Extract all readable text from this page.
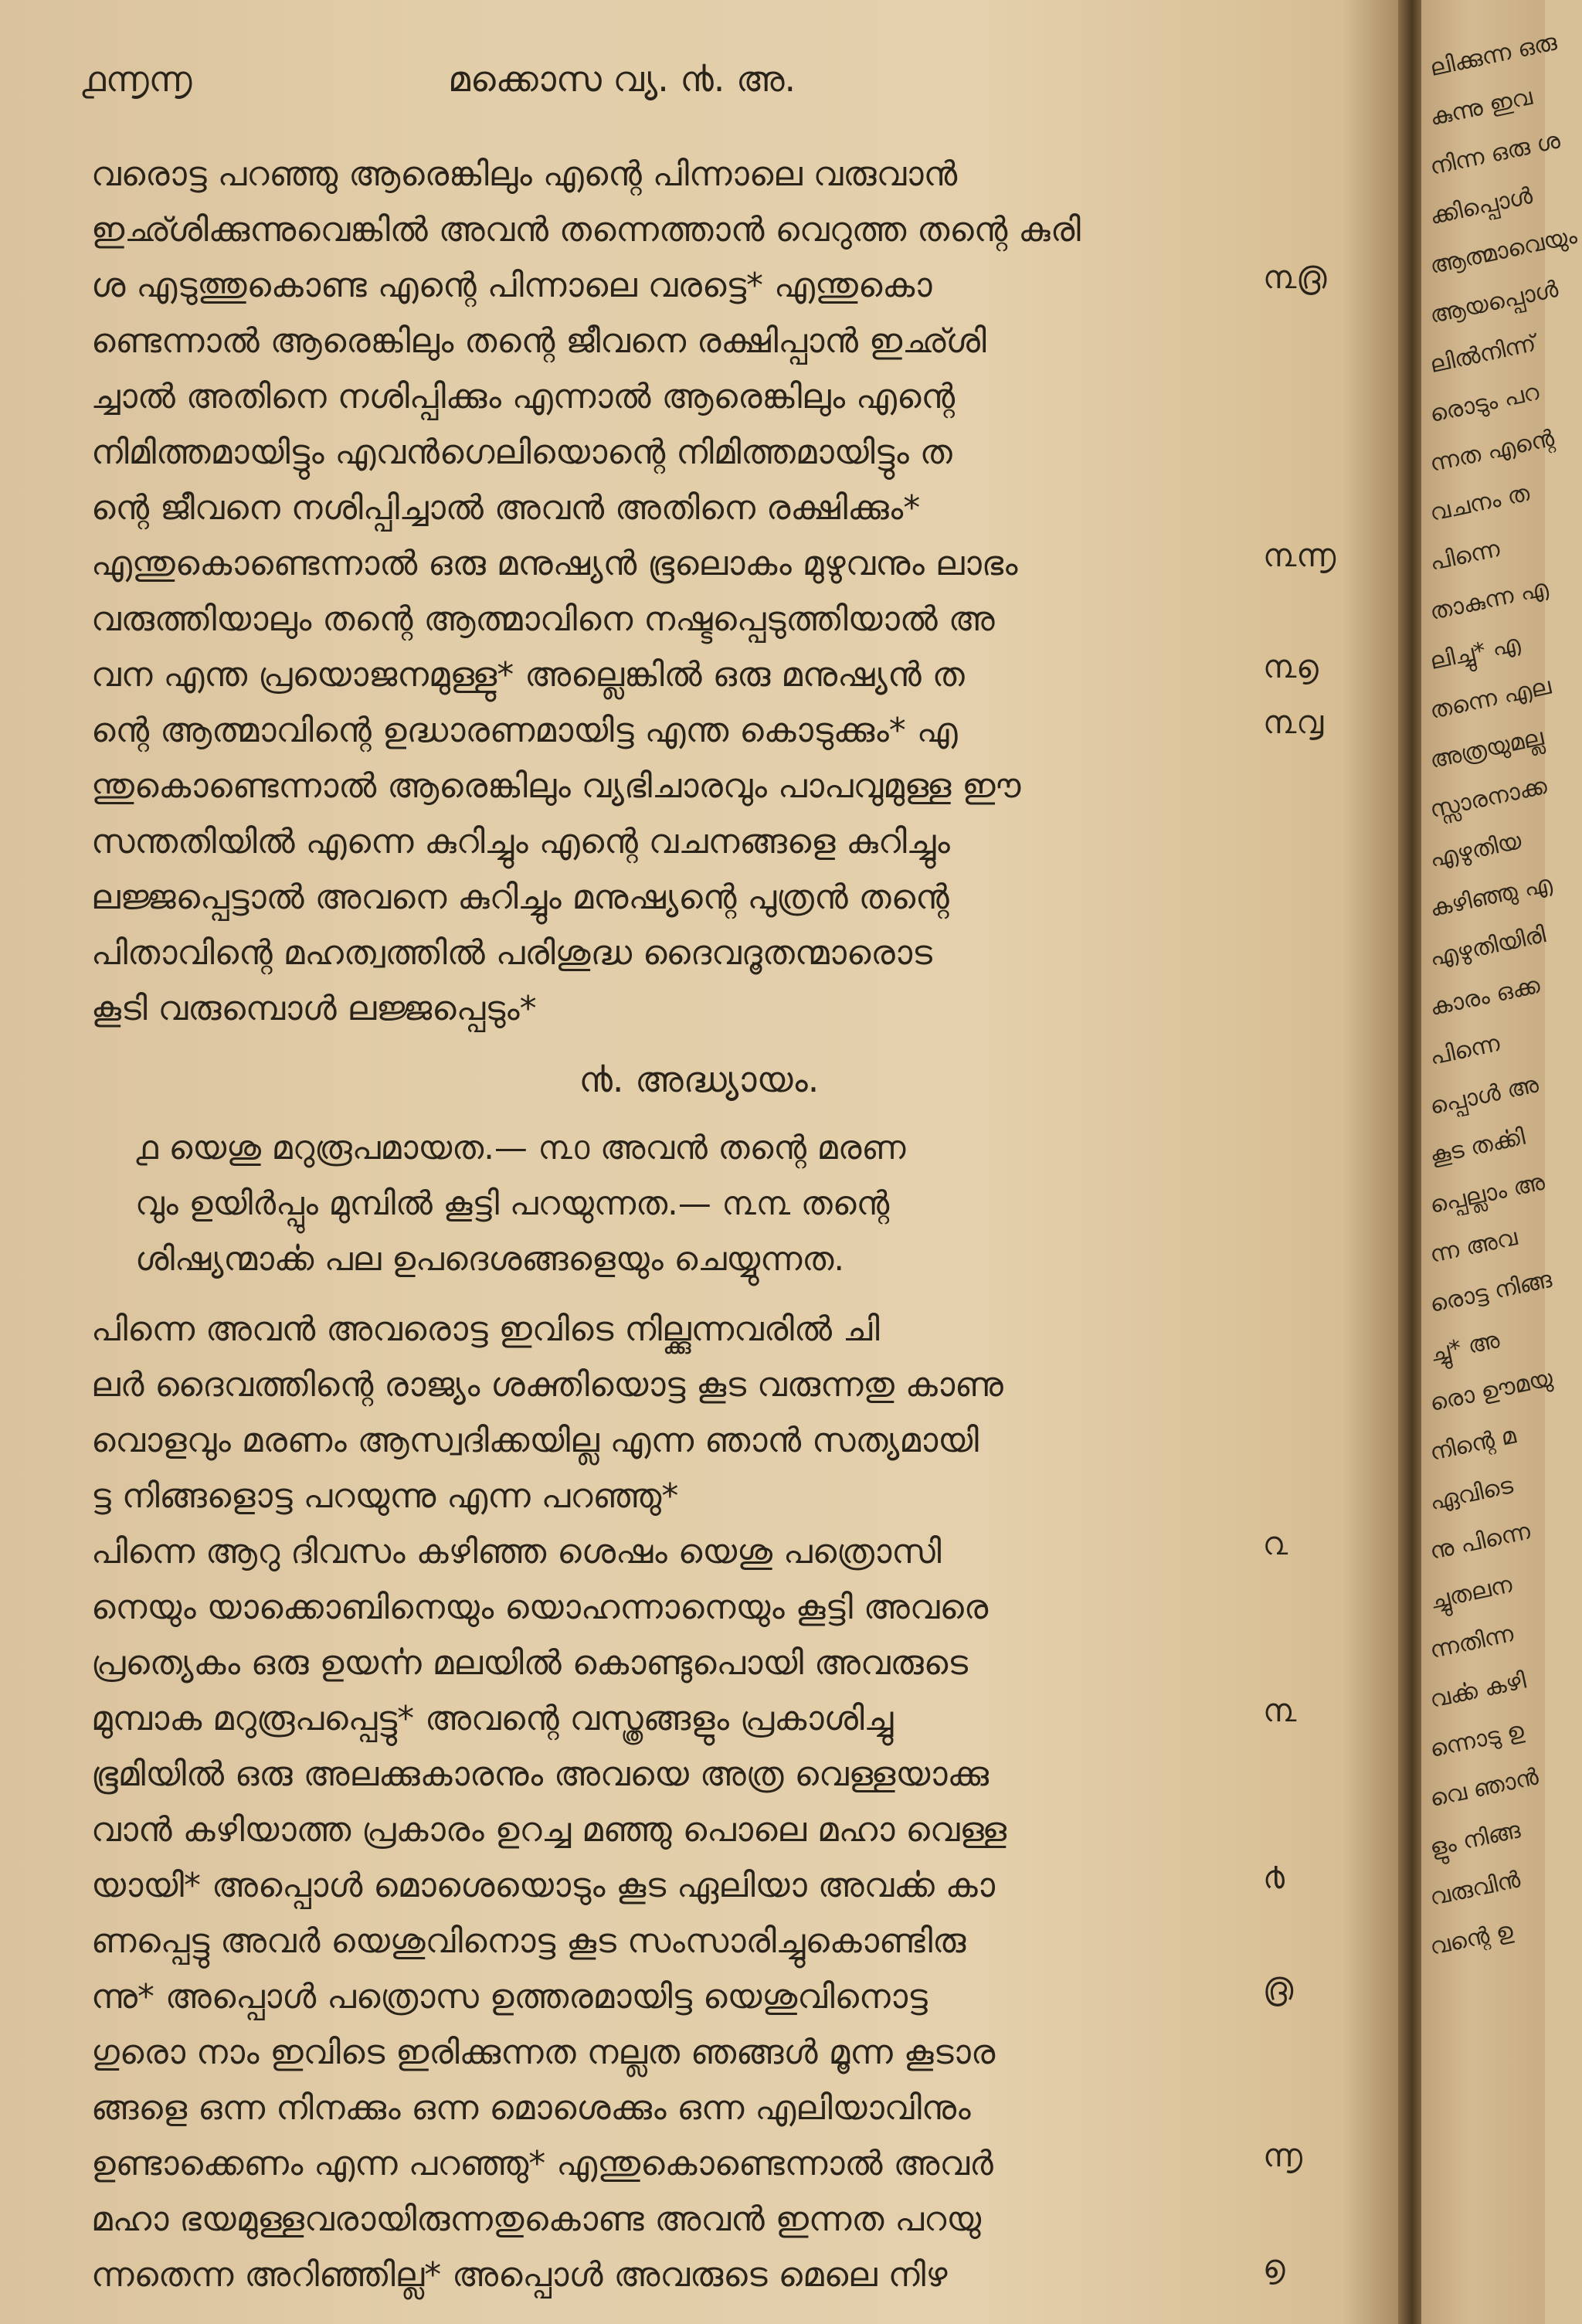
൧൬൬	മക്കൊസ വ്യ. ൯. അ.
വരൊട്ട പറഞ്ഞു ആരെങ്കിലും എന്റെ പിന്നാലെ വരുവാൻ
ഇഛ്ശിക്കുന്നുവെങ്കിൽ അവൻ തന്നെത്താൻ വെറുത്ത തന്റെ കുരി
ശ എടുത്തുകൊണ്ട എന്റെ പിന്നാലെ വരട്ടെ* എന്തുകൊ
ണ്ടെന്നാൽ ആരെങ്കിലും തന്റെ ജീവനെ രക്ഷിപ്പാൻ ഇഛ്ശി
ച്ചാൽ അതിനെ നശിപ്പിക്കും എന്നാൽ ആരെങ്കിലും എന്റെ
നിമിത്തമായിട്ടും എവൻഗെലിയൊന്റെ നിമിത്തമായിട്ടും ത
ന്റെ ജീവനെ നശിപ്പിച്ചാൽ അവൻ അതിനെ രക്ഷിക്കും*
എന്തുകൊണ്ടെന്നാൽ ഒരു മനുഷ്യൻ ഭൂലൊകം മുഴുവനും ലാഭം
വരുത്തിയാലും തന്റെ ആത്മാവിനെ നഷ്ടപ്പെടുത്തിയാൽ അ
വന എന്ത പ്രയൊജനമുള്ളു* അല്ലെങ്കിൽ ഒരു മനുഷ്യൻ ത
ന്റെ ആത്മാവിന്റെ ഉദ്ധാരണമായിട്ട എന്ത കൊടുക്കും* എ
ന്തുകൊണ്ടെന്നാൽ ആരെങ്കിലും വ്യഭിചാരവും പാപവുമുള്ള ഈ
സന്തതിയിൽ എന്നെ കുറിച്ചും എന്റെ വചനങ്ങളെ കുറിച്ചും
ലജ്ജപ്പെട്ടാൽ അവനെ കുറിച്ചും മനുഷ്യന്റെ പുത്രൻ തന്റെ
പിതാവിന്റെ മഹത്വത്തിൽ പരിശുദ്ധ ദൈവദൂതന്മാരൊട
കൂടി വരുമ്പൊൾ ലജ്ജപ്പെടും*
൩൫
൩൬
൩൭
൩൮
൯. അദ്ധ്യായം.
൧ യെശു മറുരൂപമായത.— ൩൦ അവൻ തന്റെ മരണ
വും ഉയിർപ്പും മുമ്പിൽ കൂട്ടി പറയുന്നത.— ൩൩ തന്റെ
ശിഷ്യന്മാൎക്ക പല ഉപദെശങ്ങളെയും ചെയ്യുന്നത.
പിന്നെ അവൻ അവരൊട്ട ഇവിടെ നില്ക്കുന്നവരിൽ ചി
ലർ ദൈവത്തിന്റെ രാജ്യം ശക്തിയൊട്ട കൂട വരുന്നതു കാണു
വൊളവും മരണം ആസ്വദിക്കയില്ല എന്ന ഞാൻ സത്യമായി
ട്ട നിങ്ങളൊട്ട പറയുന്നു എന്ന പറഞ്ഞു*
പിന്നെ ആറു ദിവസം കഴിഞ്ഞ ശെഷം യെശു പത്രൊസി
നെയും യാക്കൊബിനെയും യൊഹന്നാനെയും കൂട്ടി അവരെ
പ്രത്യെകം ഒരു ഉയൎന്ന മലയിൽ കൊണ്ടുപൊയി അവരുടെ
മുമ്പാക മറുരൂപപ്പെട്ടു* അവന്റെ വസ്ത്രങ്ങളും പ്രകാശിച്ചു
ഭൂമിയിൽ ഒരു അലക്കുകാരനും അവയെ അത്ര വെള്ളയാക്കു
വാൻ കഴിയാത്ത പ്രകാരം ഉറച്ച മഞ്ഞു പൊലെ മഹാ വെള്ള
യായി* അപ്പൊൾ മൊശെയൊടും കൂട ഏലിയാ അവൎക്ക കാ
ണപ്പെട്ടു അവർ യെശുവിനൊട്ട കൂട സംസാരിച്ചുകൊണ്ടിരു
ന്നു* അപ്പൊൾ പത്രൊസ ഉത്തരമായിട്ട യെശുവിനൊട്ട
ഗുരൊ നാം ഇവിടെ ഇരിക്കുന്നത നല്ലത ഞങ്ങൾ മൂന്ന കൂടാര
ങ്ങളെ ഒന്ന നിനക്കും ഒന്ന മൊശെക്കും ഒന്ന എലിയാവിനും
ഉണ്ടാക്കെണം എന്ന പറഞ്ഞു* എന്തുകൊണ്ടെന്നാൽ അവർ
മഹാ ഭയമുള്ളവരായിരുന്നതുകൊണ്ട അവൻ ഇന്നത പറയു
ന്നതെന്ന അറിഞ്ഞില്ല* അപ്പൊൾ അവരുടെ മെലെ നിഴ
൨
൩
൪
൫
൬
൭
ലിക്കുന്ന ഒരു
കുന്നു ഇവ
നിന്ന ഒരു ശ
ക്കിപ്പൊൾ
ആത്മാവെയും
ആയപ്പൊൾ
ലിൽനിന്ന്
രൊടും പറ
ന്നത എന്റെ
വചനം ത
പിന്നെ
താകുന്ന എ
ലിച്ചു* എ
തന്നെ എല
അത്രയുമല്ല
സ്സാരനാക്ക
എഴുതിയ
കഴിഞ്ഞു എ
എഴുതിയിരി
കാരം ഒക്ക
പിന്നെ
പ്പൊൾ അ
കൂട തൎക്കി
പ്പെല്ലാം അ
ന്ന അവ
രൊട്ട നിങ്ങ
ച്ചു* അ
രൊ ഊമയു
നിന്റെ മ
ഏവിടെ
നു പിന്നെ
ച്ചുതലന
ന്നതിന്ന
വൎക്ക കഴി
ന്നൊടു ഉ
വെ ഞാൻ
ളും നിങ്ങ
വരുവിൻ
വന്റെ ഉ
